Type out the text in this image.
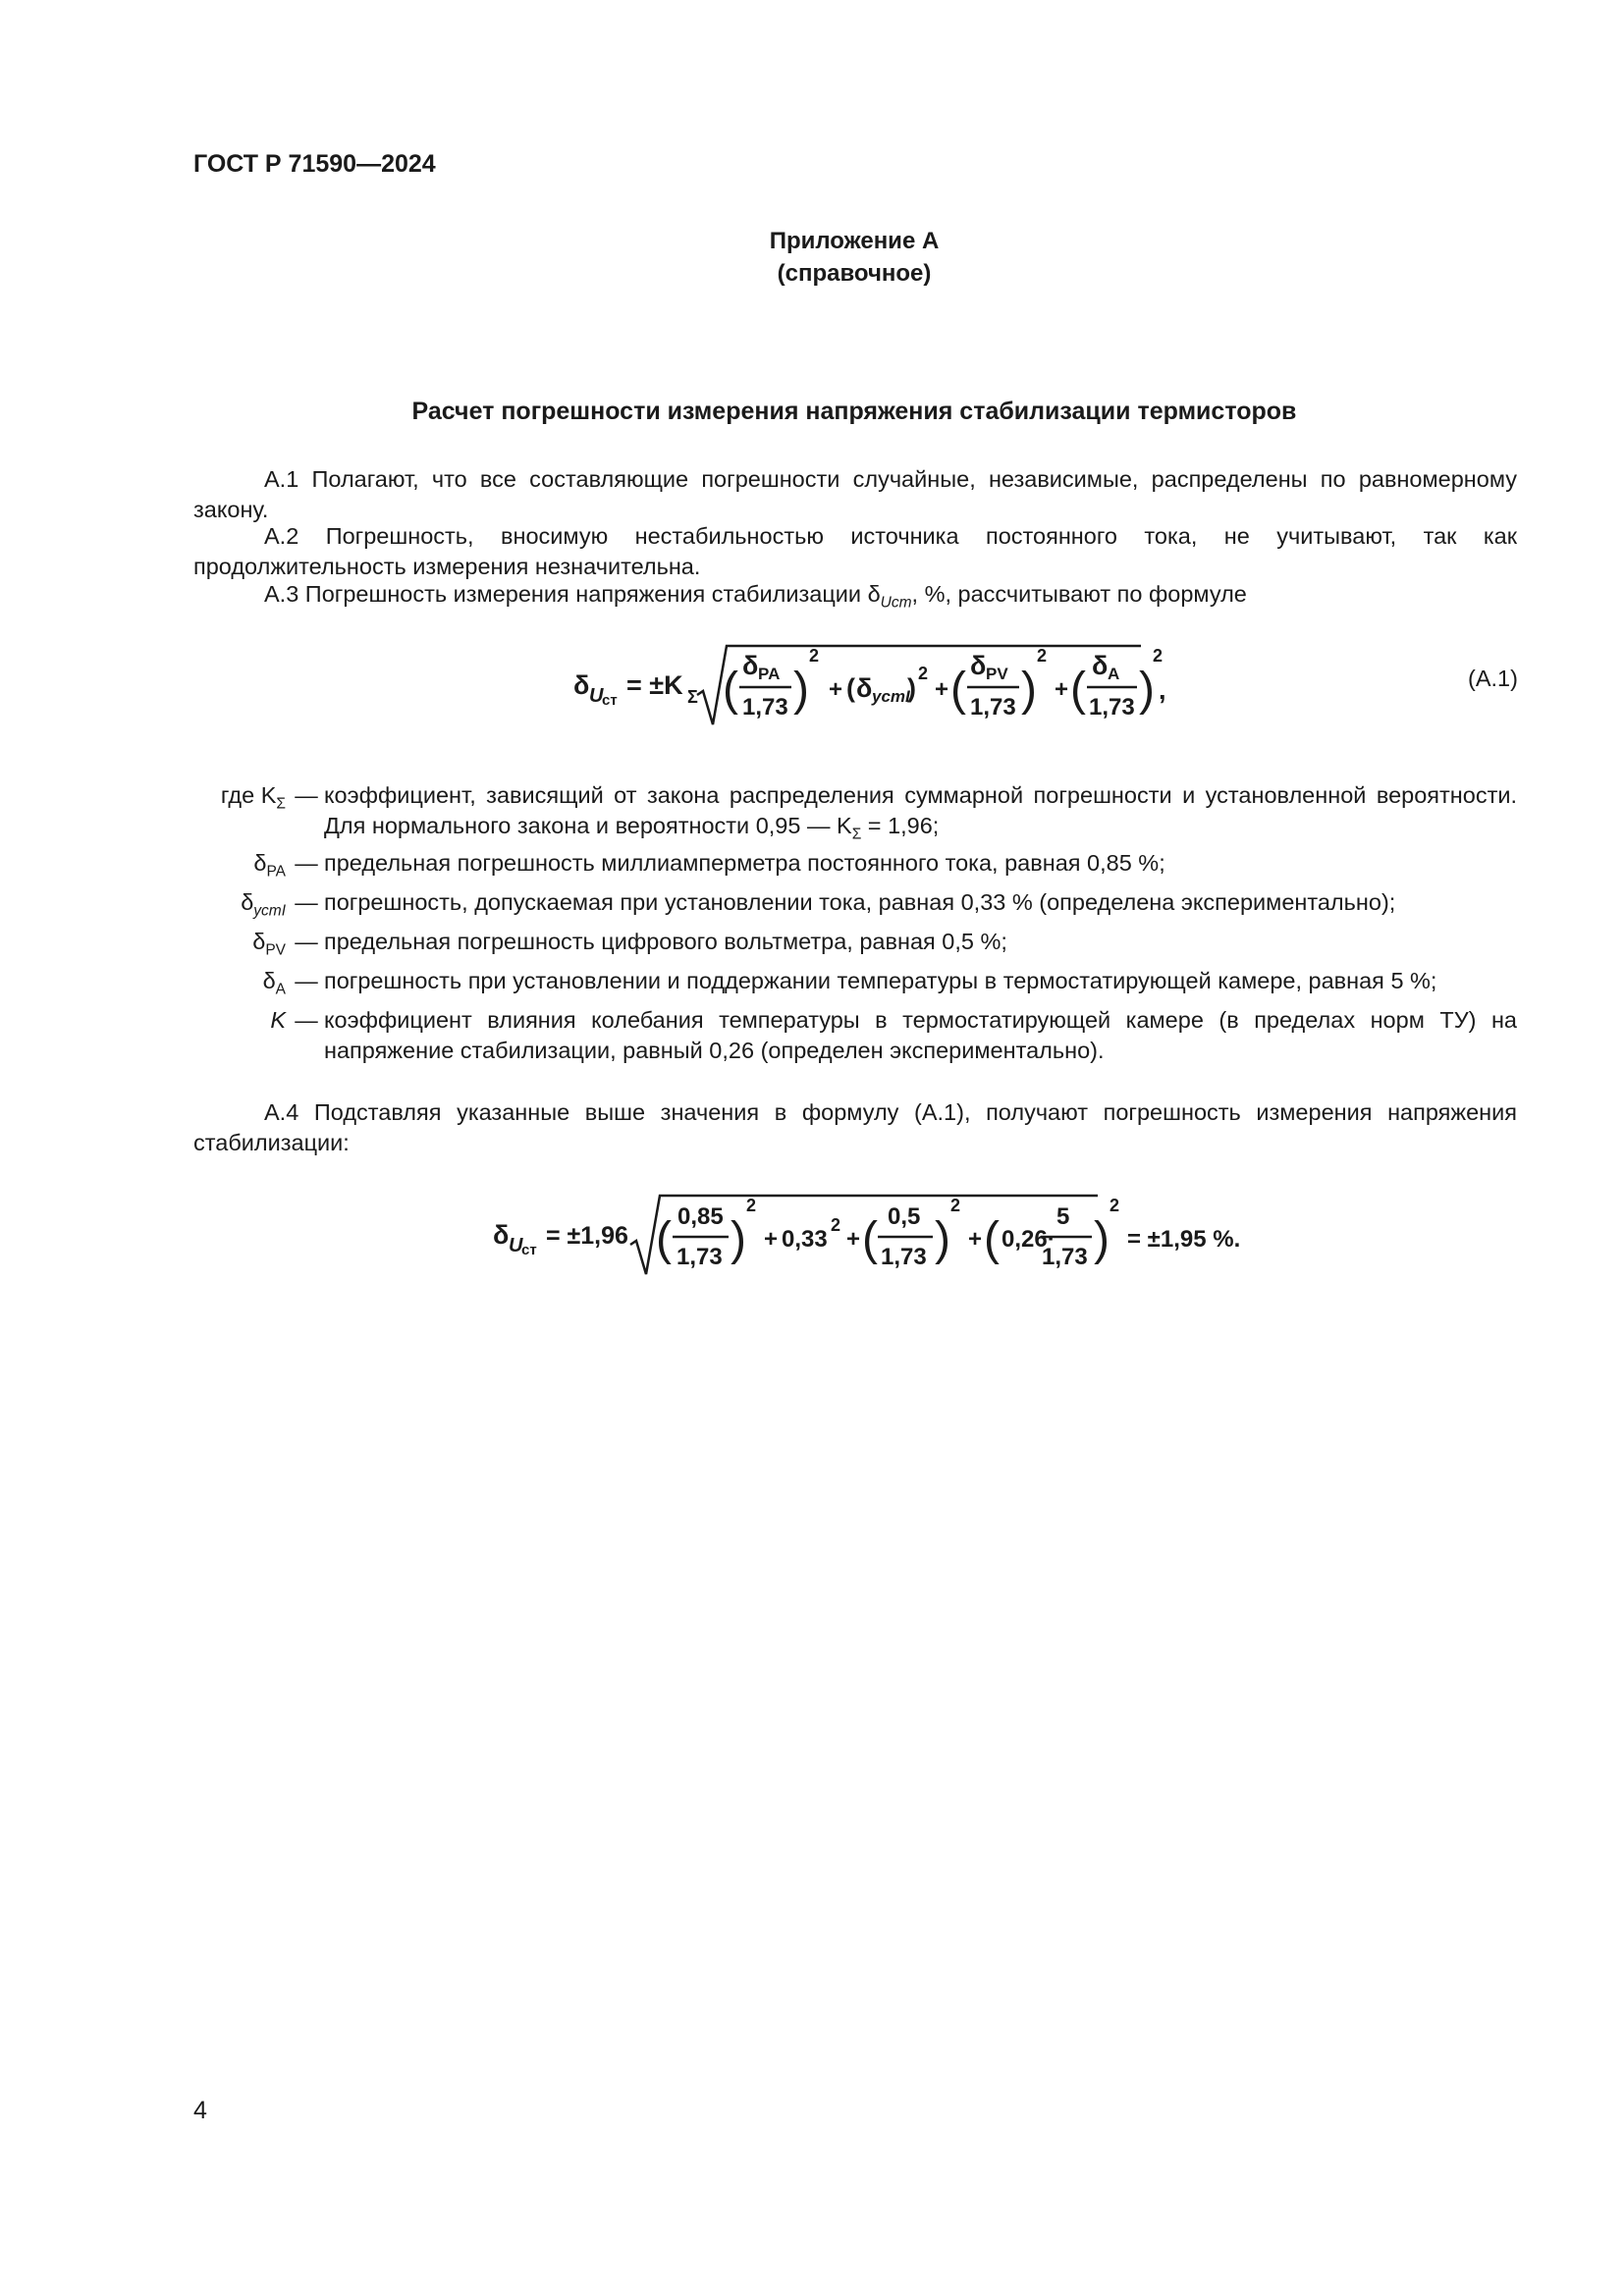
ГОСТ Р 71590—2024
Приложение А
(справочное)
Расчет погрешности измерения напряжения стабилизации термисторов
А.1 Полагают, что все составляющие погрешности случайные, независимые, распределены по равномерному закону.
А.2 Погрешность, вносимую нестабильностью источника постоянного тока, не учитывают, так как продолжительность измерения незначительна.
А.3 Погрешность измерения напряжения стабилизации $\delta_{Uст}$, %, рассчитывают по формуле
δ U
ст
= ±K Σ ( δ PA
1,73 )
2
+ ( δ устI
) 2
+ ( δ PV
1,73 )
2
+ ( δ A
1,73 )
2
,	(А.1)
где $K_\Sigma$ — коэффициент, зависящий от закона распределения суммарной погрешности и установленной вероятности. Для нормального закона и вероятности 0,95 — $K_\Sigma = 1,96$;
$\delta_{PA}$ — предельная погрешность миллиамперметра постоянного тока, равная 0,85 %;
$\delta_{устI}$ — погрешность, допускаемая при установлении тока, равная 0,33 % (определена экспериментально);
$\delta_{PV}$ — предельная погрешность цифрового вольтметра, равная 0,5 %;
$\delta_A$ — погрешность при установлении и поддержании температуры в термостатирующей камере, равная 5 %;
K — коэффициент влияния колебания температуры в термостатирующей камере (в пределах норм ТУ) на напряжение стабилизации, равный 0,26 (определен экспериментально).
А.4 Подставляя указанные выше значения в формулу (А.1), получают погрешность измерения напряжения стабилизации:
δ U
ст
= ±1,96 ( 0,85
1,73 )
2
+ 0,33
2
+ ( 0,5
1,73 )
2
+ ( 0,26·
5
1,73 )
2
= ±1,95 %.
4
